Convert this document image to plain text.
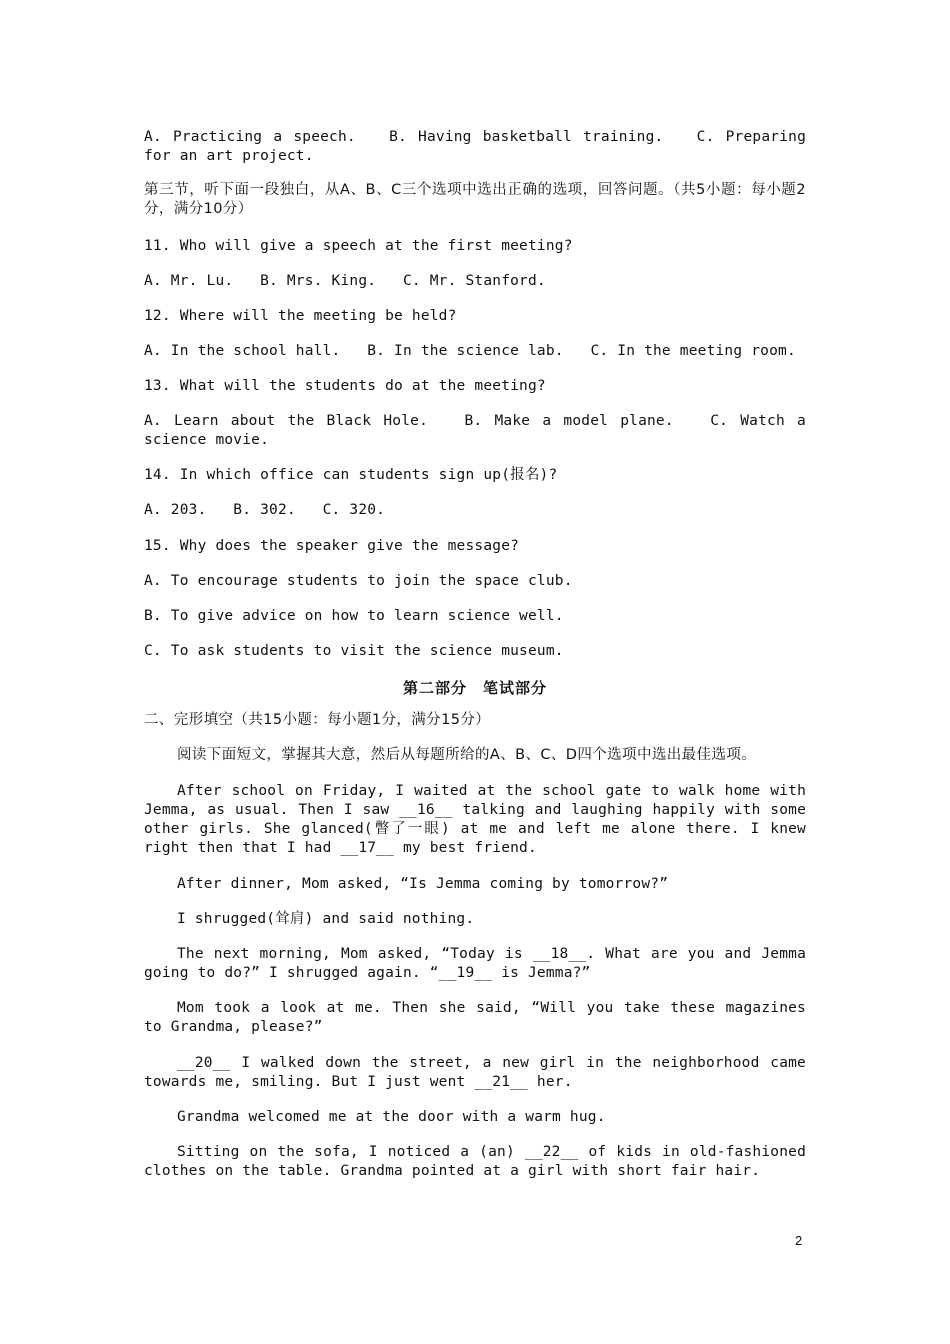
A. Practicing a speech.   B. Having basketball training.   C. Preparing for an art project.
第三节，听下面一段独白，从A、B、C三个选项中选出正确的选项，回答问题。（共5小题：每小题2分，满分10分）
11. Who will give a speech at the first meeting?
A. Mr. Lu.   B. Mrs. King.   C. Mr. Stanford.
12. Where will the meeting be held?
A. In the school hall.   B. In the science lab.   C. In the meeting room.
13. What will the students do at the meeting?
A. Learn about the Black Hole.   B. Make a model plane.   C. Watch a science movie.
14. In which office can students sign up(报名)?
A. 203.   B. 302.   C. 320.
15. Why does the speaker give the message?
A. To encourage students to join the space club.
B. To give advice on how to learn science well.
C. To ask students to visit the science museum.
第二部分　笔试部分
二、完形填空（共15小题：每小题1分，满分15分）
阅读下面短文，掌握其大意，然后从每题所给的A、B、C、D四个选项中选出最佳选项。
After school on Friday, I waited at the school gate to walk home with Jemma, as usual. Then I saw __16__ talking and laughing happily with some other girls. She glanced(瞥了一眼) at me and left me alone there. I knew right then that I had __17__ my best friend.
After dinner, Mom asked, “Is Jemma coming by tomorrow?”
I shrugged(耸肩) and said nothing.
The next morning, Mom asked, “Today is __18__. What are you and Jemma going to do?” I shrugged again. “__19__ is Jemma?”
Mom took a look at me. Then she said, “Will you take these magazines to Grandma, please?”
__20__ I walked down the street, a new girl in the neighborhood came towards me, smiling. But I just went __21__ her.
Grandma welcomed me at the door with a warm hug.
Sitting on the sofa, I noticed a (an) __22__ of kids in old-fashioned clothes on the table. Grandma pointed at a girl with short fair hair.
2
